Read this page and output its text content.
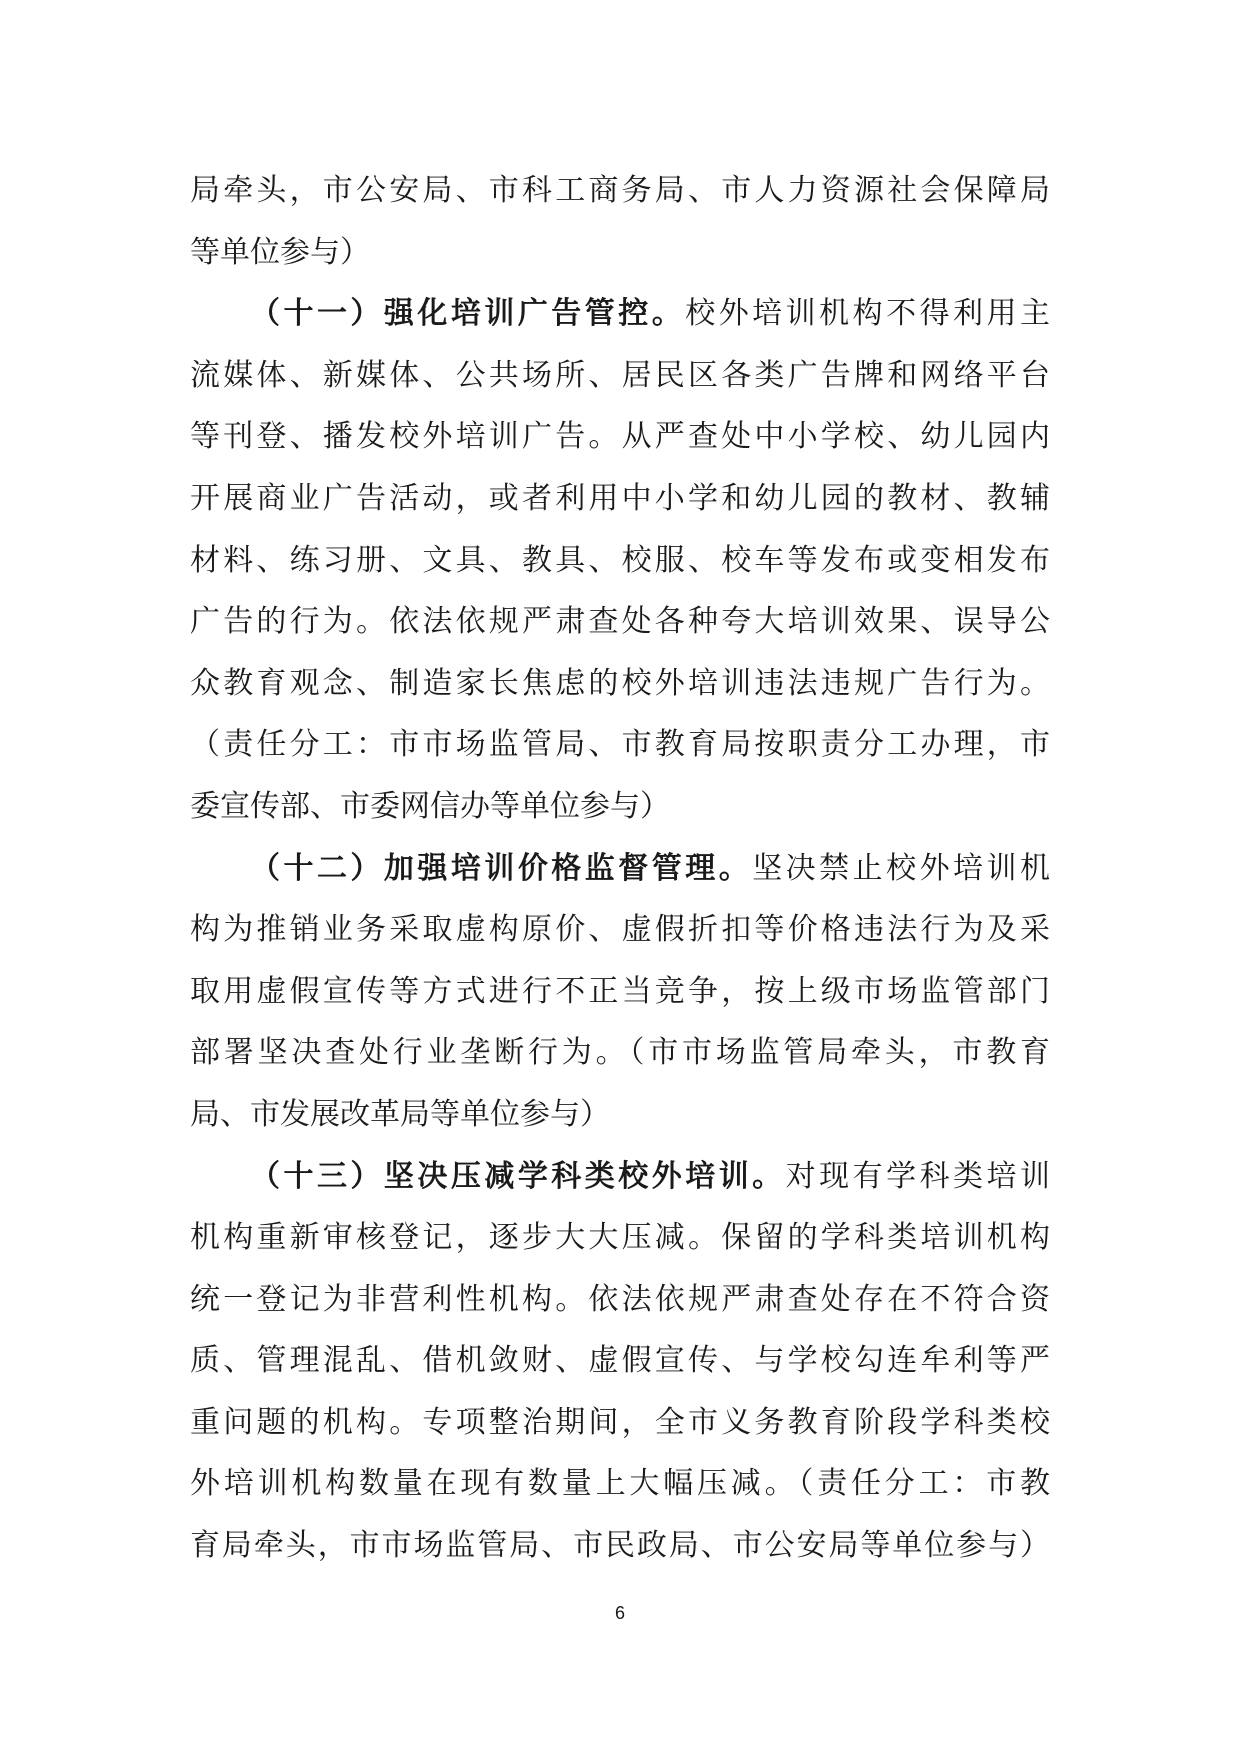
局牵头，市公安局、市科工商务局、市人力资源社会保障局
等单位参与）
（十一）强化培训广告管控。校外培训机构不得利用主
流媒体、新媒体、公共场所、居民区各类广告牌和网络平台
等刊登、播发校外培训广告。从严查处中小学校、幼儿园内
开展商业广告活动，或者利用中小学和幼儿园的教材、教辅
材料、练习册、文具、教具、校服、校车等发布或变相发布
广告的行为。依法依规严肃查处各种夸大培训效果、误导公
众教育观念、制造家长焦虑的校外培训违法违规广告行为。
（责任分工：市市场监管局、市教育局按职责分工办理，市
委宣传部、市委网信办等单位参与）
（十二）加强培训价格监督管理。坚决禁止校外培训机
构为推销业务采取虚构原价、虚假折扣等价格违法行为及采
取用虚假宣传等方式进行不正当竞争，按上级市场监管部门
部署坚决查处行业垄断行为。（市市场监管局牵头，市教育
局、市发展改革局等单位参与）
（十三）坚决压减学科类校外培训。对现有学科类培训
机构重新审核登记，逐步大大压减。保留的学科类培训机构
统一登记为非营利性机构。依法依规严肃查处存在不符合资
质、管理混乱、借机敛财、虚假宣传、与学校勾连牟利等严
重问题的机构。专项整治期间，全市义务教育阶段学科类校
外培训机构数量在现有数量上大幅压减。（责任分工：市教
育局牵头，市市场监管局、市民政局、市公安局等单位参与）
6
